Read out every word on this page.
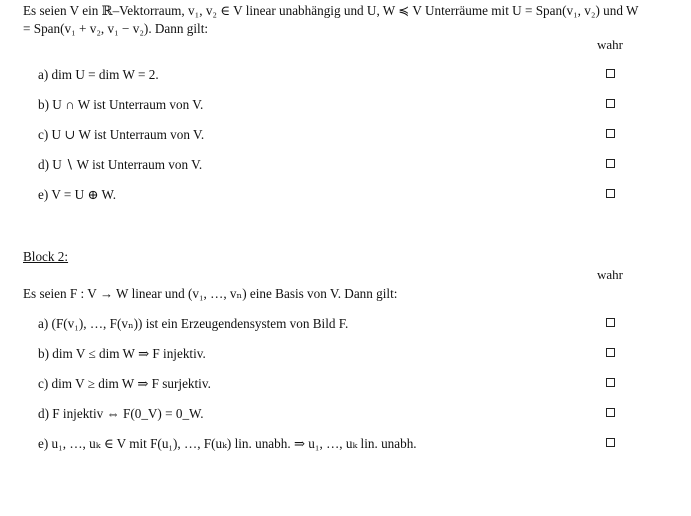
Es seien V ein ℝ–Vektorraum, v₁, v₂ ∈ V linear unabhängig und U, W ≼ V Unterräume mit U = Span(v₁, v₂) und W = Span(v₁ + v₂, v₁ − v₂). Dann gilt:
wahr
a) dim U = dim W = 2.
b) U ∩ W ist Unterraum von V.
c) U ∪ W ist Unterraum von V.
d) U ∖ W ist Unterraum von V.
e) V = U ⊕ W.
Block 2:
wahr
Es seien F : V → W linear und (v₁, …, vₙ) eine Basis von V. Dann gilt:
a) (F(v₁), …, F(vₙ)) ist ein Erzeugendensystem von Bild F.
b) dim V ≤ dim W ⇒ F injektiv.
c) dim V ≥ dim W ⇒ F surjektiv.
d) F injektiv ⇔ F(0_V) = 0_W.
e) u₁, …, uₖ ∈ V mit F(u₁), …, F(uₖ) lin. unabh. ⇒ u₁, …, uₖ lin. unabh.
